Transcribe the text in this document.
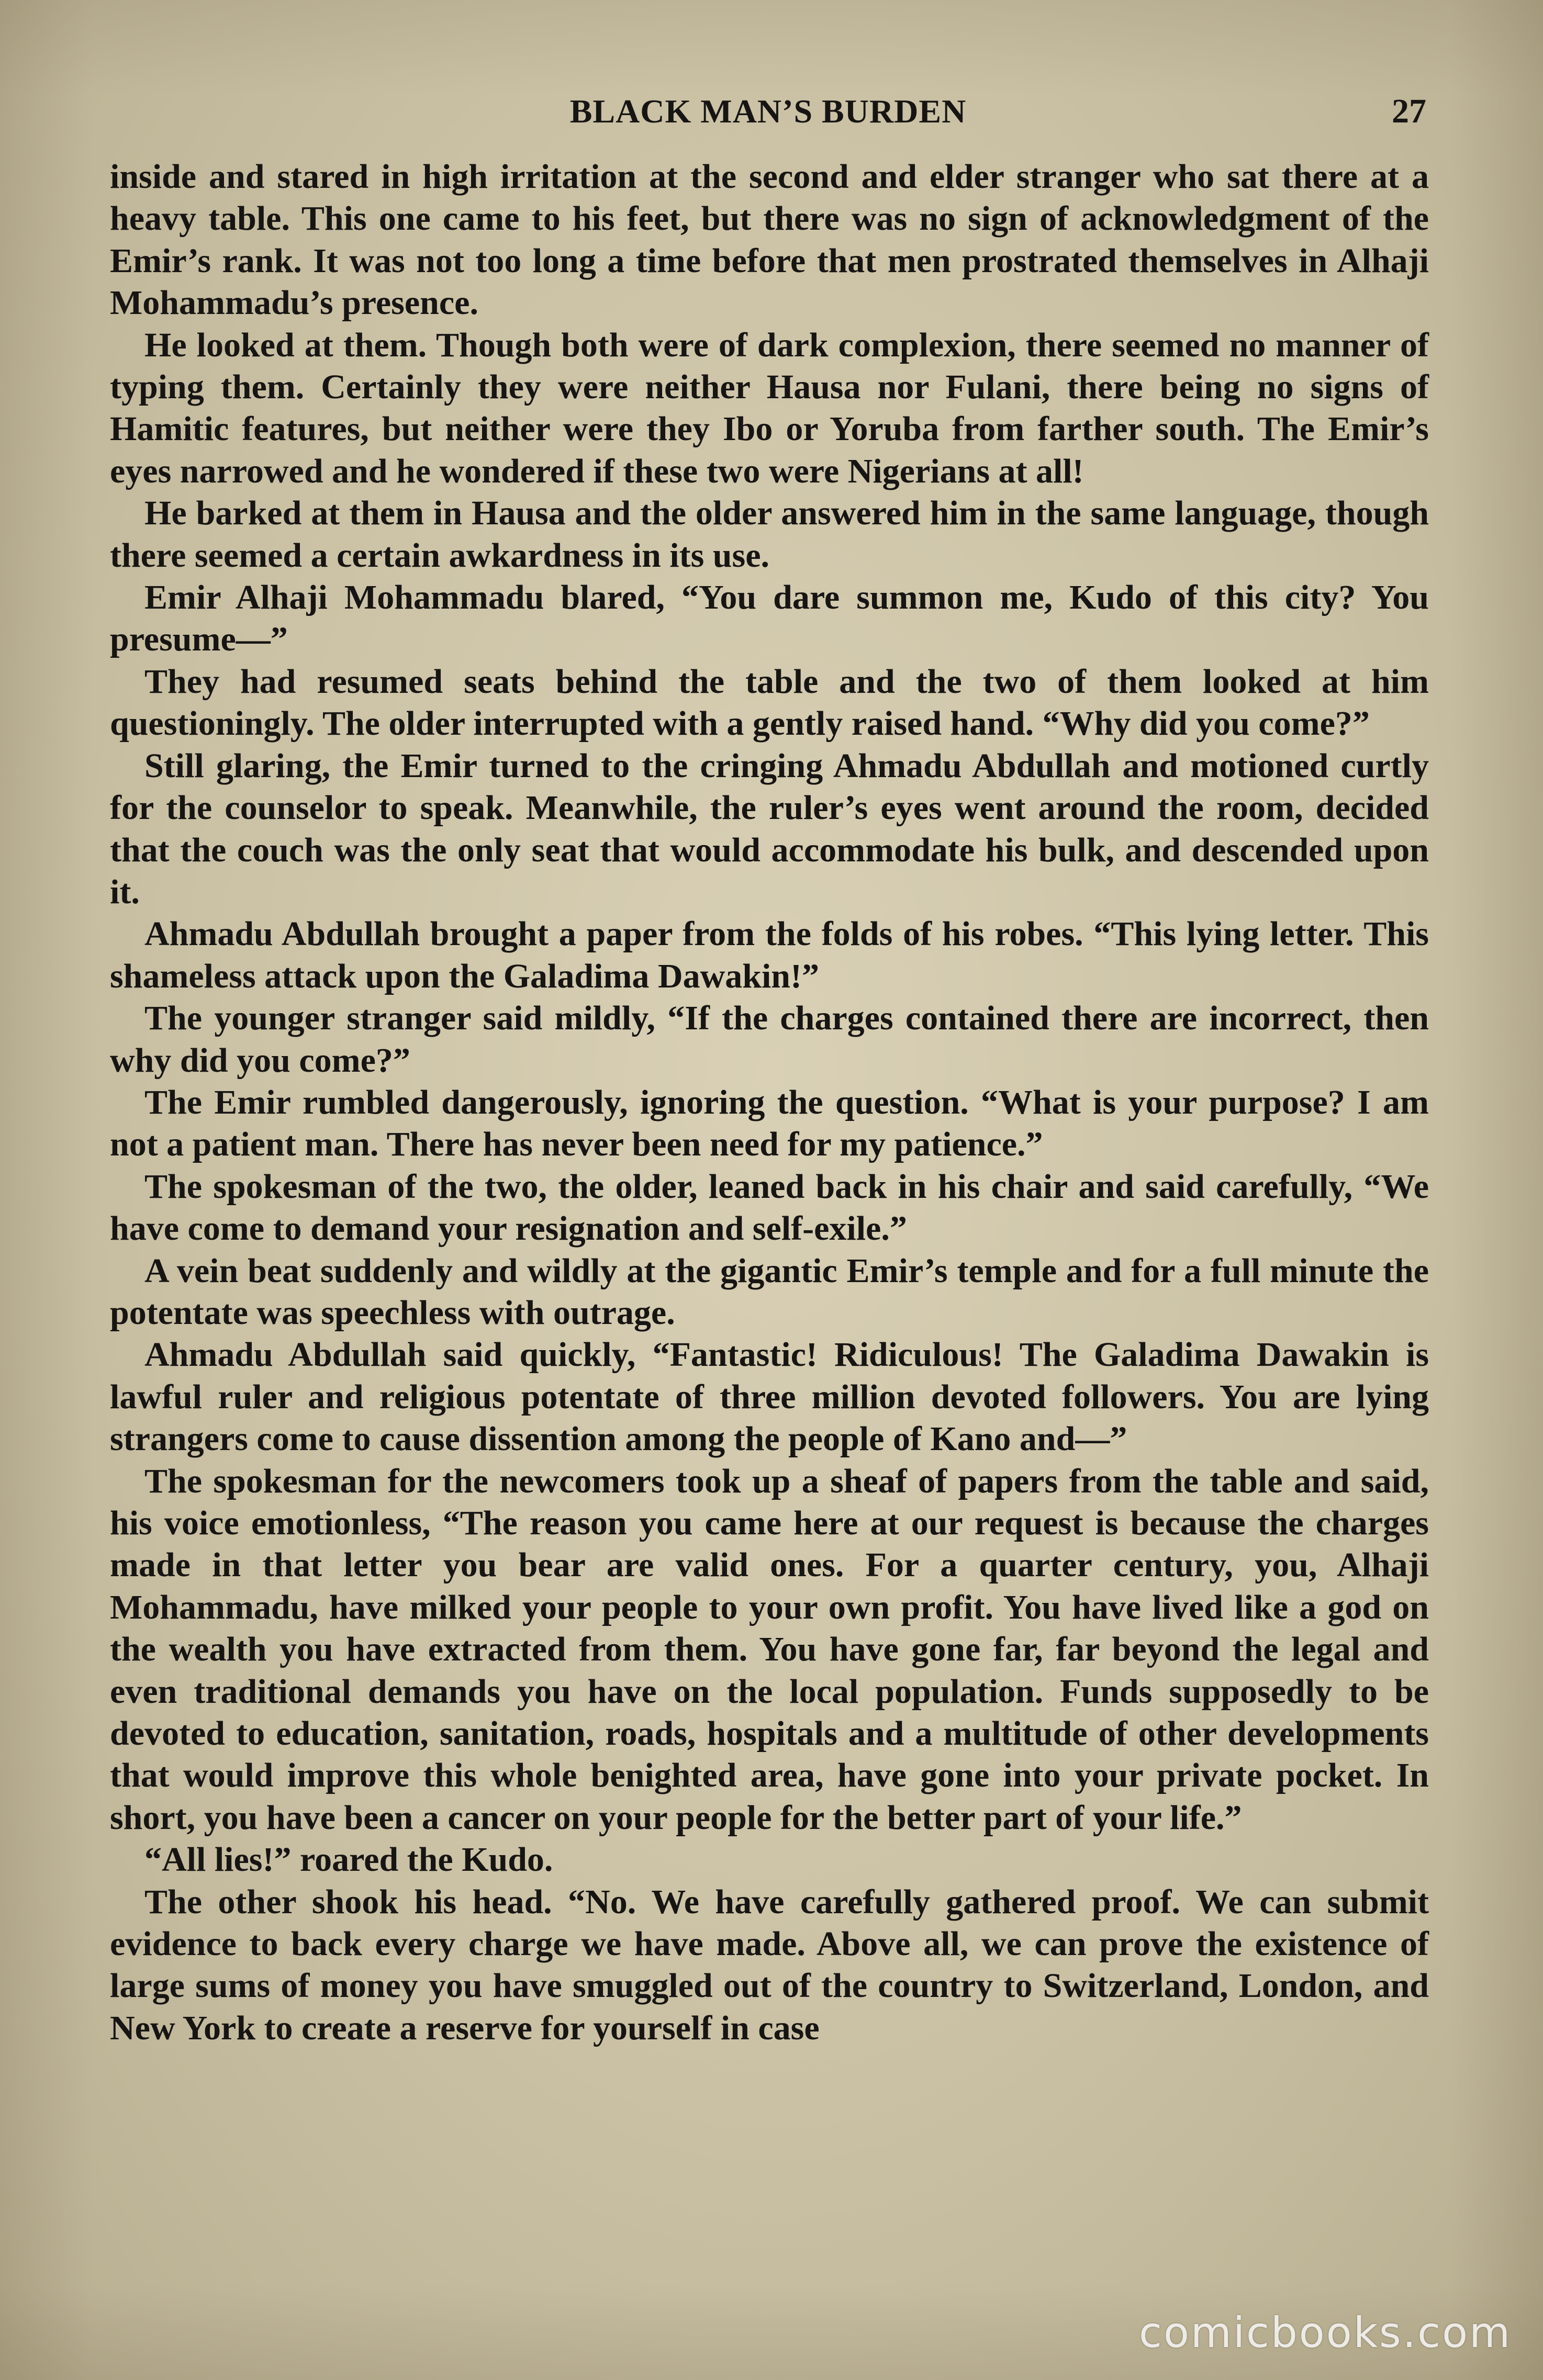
BLACK MAN’S BURDEN	27

inside and stared in high irritation at the second and elder stranger who sat there at a heavy table. This one came to his feet, but there was no sign of acknowledgment of the Emir’s rank. It was not too long a time before that men prostrated themselves in Alhaji Mohammadu’s presence.

He looked at them. Though both were of dark complexion, there seemed no manner of typing them. Certainly they were neither Hausa nor Fulani, there being no signs of Hamitic features, but neither were they Ibo or Yoruba from farther south. The Emir’s eyes narrowed and he wondered if these two were Nigerians at all!

He barked at them in Hausa and the older answered him in the same language, though there seemed a certain awkardness in its use.

Emir Alhaji Mohammadu blared, “You dare summon me, Kudo of this city? You presume—”

They had resumed seats behind the table and the two of them looked at him questioningly. The older interrupted with a gently raised hand. “Why did you come?”

Still glaring, the Emir turned to the cringing Ahmadu Abdullah and motioned curtly for the counselor to speak. Meanwhile, the ruler’s eyes went around the room, decided that the couch was the only seat that would accommodate his bulk, and descended upon it.

Ahmadu Abdullah brought a paper from the folds of his robes. “This lying letter. This shameless attack upon the Galadima Dawakin!”

The younger stranger said mildly, “If the charges contained there are incorrect, then why did you come?”

The Emir rumbled dangerously, ignoring the question. “What is your purpose? I am not a patient man. There has never been need for my patience.”

The spokesman of the two, the older, leaned back in his chair and said carefully, “We have come to demand your resignation and self-exile.”

A vein beat suddenly and wildly at the gigantic Emir’s temple and for a full minute the potentate was speechless with outrage.

Ahmadu Abdullah said quickly, “Fantastic! Ridiculous! The Galadima Dawakin is lawful ruler and religious potentate of three million devoted followers. You are lying strangers come to cause dissention among the people of Kano and—”

The spokesman for the newcomers took up a sheaf of papers from the table and said, his voice emotionless, “The reason you came here at our request is because the charges made in that letter you bear are valid ones. For a quarter century, you, Alhaji Mohammadu, have milked your people to your own profit. You have lived like a god on the wealth you have extracted from them. You have gone far, far beyond the legal and even traditional demands you have on the local population. Funds supposedly to be devoted to education, sanitation, roads, hospitals and a multitude of other developments that would improve this whole benighted area, have gone into your private pocket. In short, you have been a cancer on your people for the better part of your life.”

“All lies!” roared the Kudo.

The other shook his head. “No. We have carefully gathered proof. We can submit evidence to back every charge we have made. Above all, we can prove the existence of large sums of money you have smuggled out of the country to Switzerland, London, and New York to create a reserve for yourself in case

comicbooks.com
